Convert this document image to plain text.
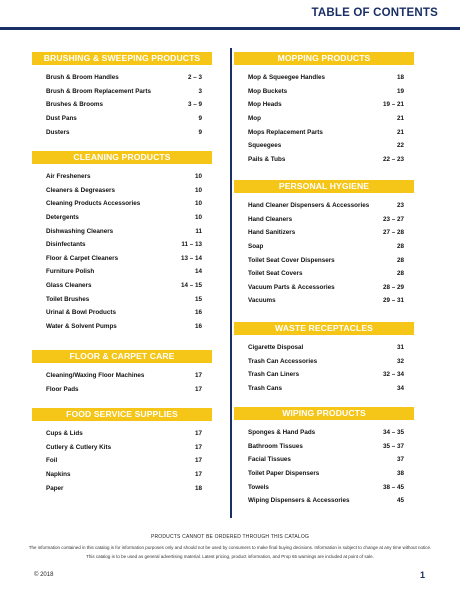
TABLE OF CONTENTS
BRUSHING & SWEEPING PRODUCTS
Brush & Broom Handles	2 – 3
Brush & Broom Replacement Parts	3
Brushes & Brooms	3 – 9
Dust Pans	9
Dusters	9
CLEANING PRODUCTS
Air Fresheners	10
Cleaners & Degreasers	10
Cleaning Products Accessories	10
Detergents	10
Dishwashing Cleaners	11
Disinfectants	11 – 13
Floor & Carpet Cleaners	13 – 14
Furniture Polish	14
Glass Cleaners	14 – 15
Toilet Brushes	15
Urinal & Bowl Products	16
Water & Solvent Pumps	16
FLOOR & CARPET CARE
Cleaning/Waxing Floor Machines	17
Floor Pads	17
FOOD SERVICE SUPPLIES
Cups & Lids	17
Cutlery & Cutlery Kits	17
Foil	17
Napkins	17
Paper	18
MOPPING PRODUCTS
Mop & Squeegee Handles	18
Mop Buckets	19
Mop Heads	19 – 21
Mop	21
Mops Replacement Parts	21
Squeegees	22
Pails & Tubs	22 – 23
PERSONAL HYGIENE
Hand Cleaner Dispensers & Accessories	23
Hand Cleaners	23 – 27
Hand Sanitizers	27 – 28
Soap	28
Toilet Seat Cover Dispensers	28
Toilet Seat Covers	28
Vacuum Parts & Accessories	28 – 29
Vacuums	29 – 31
WASTE RECEPTACLES
Cigarette Disposal	31
Trash Can Accessories	32
Trash Can Liners	32 – 34
Trash Cans	34
WIPING PRODUCTS
Sponges & Hand Pads	34 – 35
Bathroom Tissues	35 – 37
Facial Tissues	37
Toilet Paper Dispensers	38
Towels	38 – 45
Wiping Dispensers & Accessories	45
PRODUCTS CANNOT BE ORDERED THROUGH THIS CATALOG
The information contained in this catalog is for information purposes only and should not be used by consumers to make final buying decisions. Information is subject to change at any time without notice.
This catalog is to be used as general advertising material. Latest pricing, product information, and Prop 65 warnings are included at point of sale.
© 2018	1
